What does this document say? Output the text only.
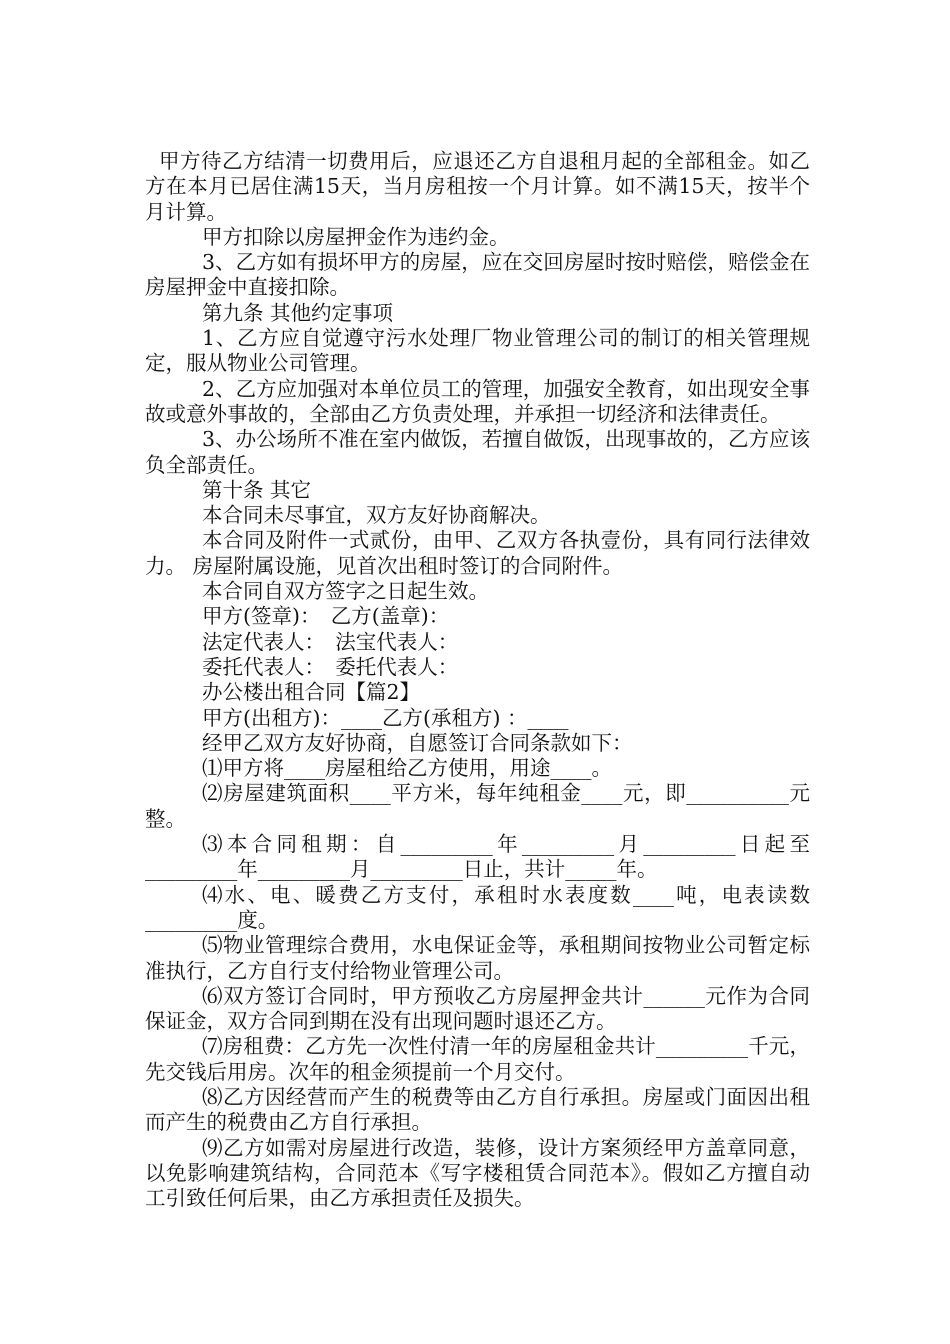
甲方待乙方结清一切费用后，应退还乙方自退租月起的全部租金。如乙方在本月已居住满15天，当月房租按一个月计算。如不满15天，按半个月计算。

甲方扣除以房屋押金作为违约金。

3、乙方如有损坏甲方的房屋，应在交回房屋时按时赔偿，赔偿金在房屋押金中直接扣除。

第九条 其他约定事项

1、乙方应自觉遵守污水处理厂物业管理公司的制订的相关管理规定，服从物业公司管理。

2、乙方应加强对本单位员工的管理，加强安全教育，如出现安全事故或意外事故的，全部由乙方负责处理，并承担一切经济和法律责任。

3、办公场所不准在室内做饭，若擅自做饭，出现事故的，乙方应该负全部责任。

第十条 其它

本合同未尽事宜，双方友好协商解决。

本合同及附件一式贰份，由甲、乙双方各执壹份，具有同行法律效力。 房屋附属设施，见首次出租时签订的合同附件。

本合同自双方签字之日起生效。

甲方(签章)：　乙方(盖章)：

法定代表人：　法宝代表人：

委托代表人：　委托代表人：

办公楼出租合同【篇2】

甲方(出租方)：____乙方(承租方) ：____

经甲乙双方友好协商，自愿签订合同条款如下：

⑴甲方将____房屋租给乙方使用，用途____。

⑵房屋建筑面积____平方米，每年纯租金____元，即__________元整。

⑶本合同租期：自_________年_________月_________日起至_________年_________月_________日止，共计_____年。

⑷水、电、暖费乙方支付，承租时水表度数____吨，电表读数_________度。

⑸物业管理综合费用，水电保证金等，承租期间按物业公司暂定标准执行，乙方自行支付给物业管理公司。

⑹双方签订合同时，甲方预收乙方房屋押金共计______元作为合同保证金，双方合同到期在没有出现问题时退还乙方。

⑺房租费：乙方先一次性付清一年的房屋租金共计_________千元，先交钱后用房。次年的租金须提前一个月交付。

⑻乙方因经营而产生的税费等由乙方自行承担。房屋或门面因出租而产生的税费由乙方自行承担。

⑼乙方如需对房屋进行改造，装修，设计方案须经甲方盖章同意，以免影响建筑结构，合同范本《写字楼租赁合同范本》。假如乙方擅自动工引致任何后果，由乙方承担责任及损失。
